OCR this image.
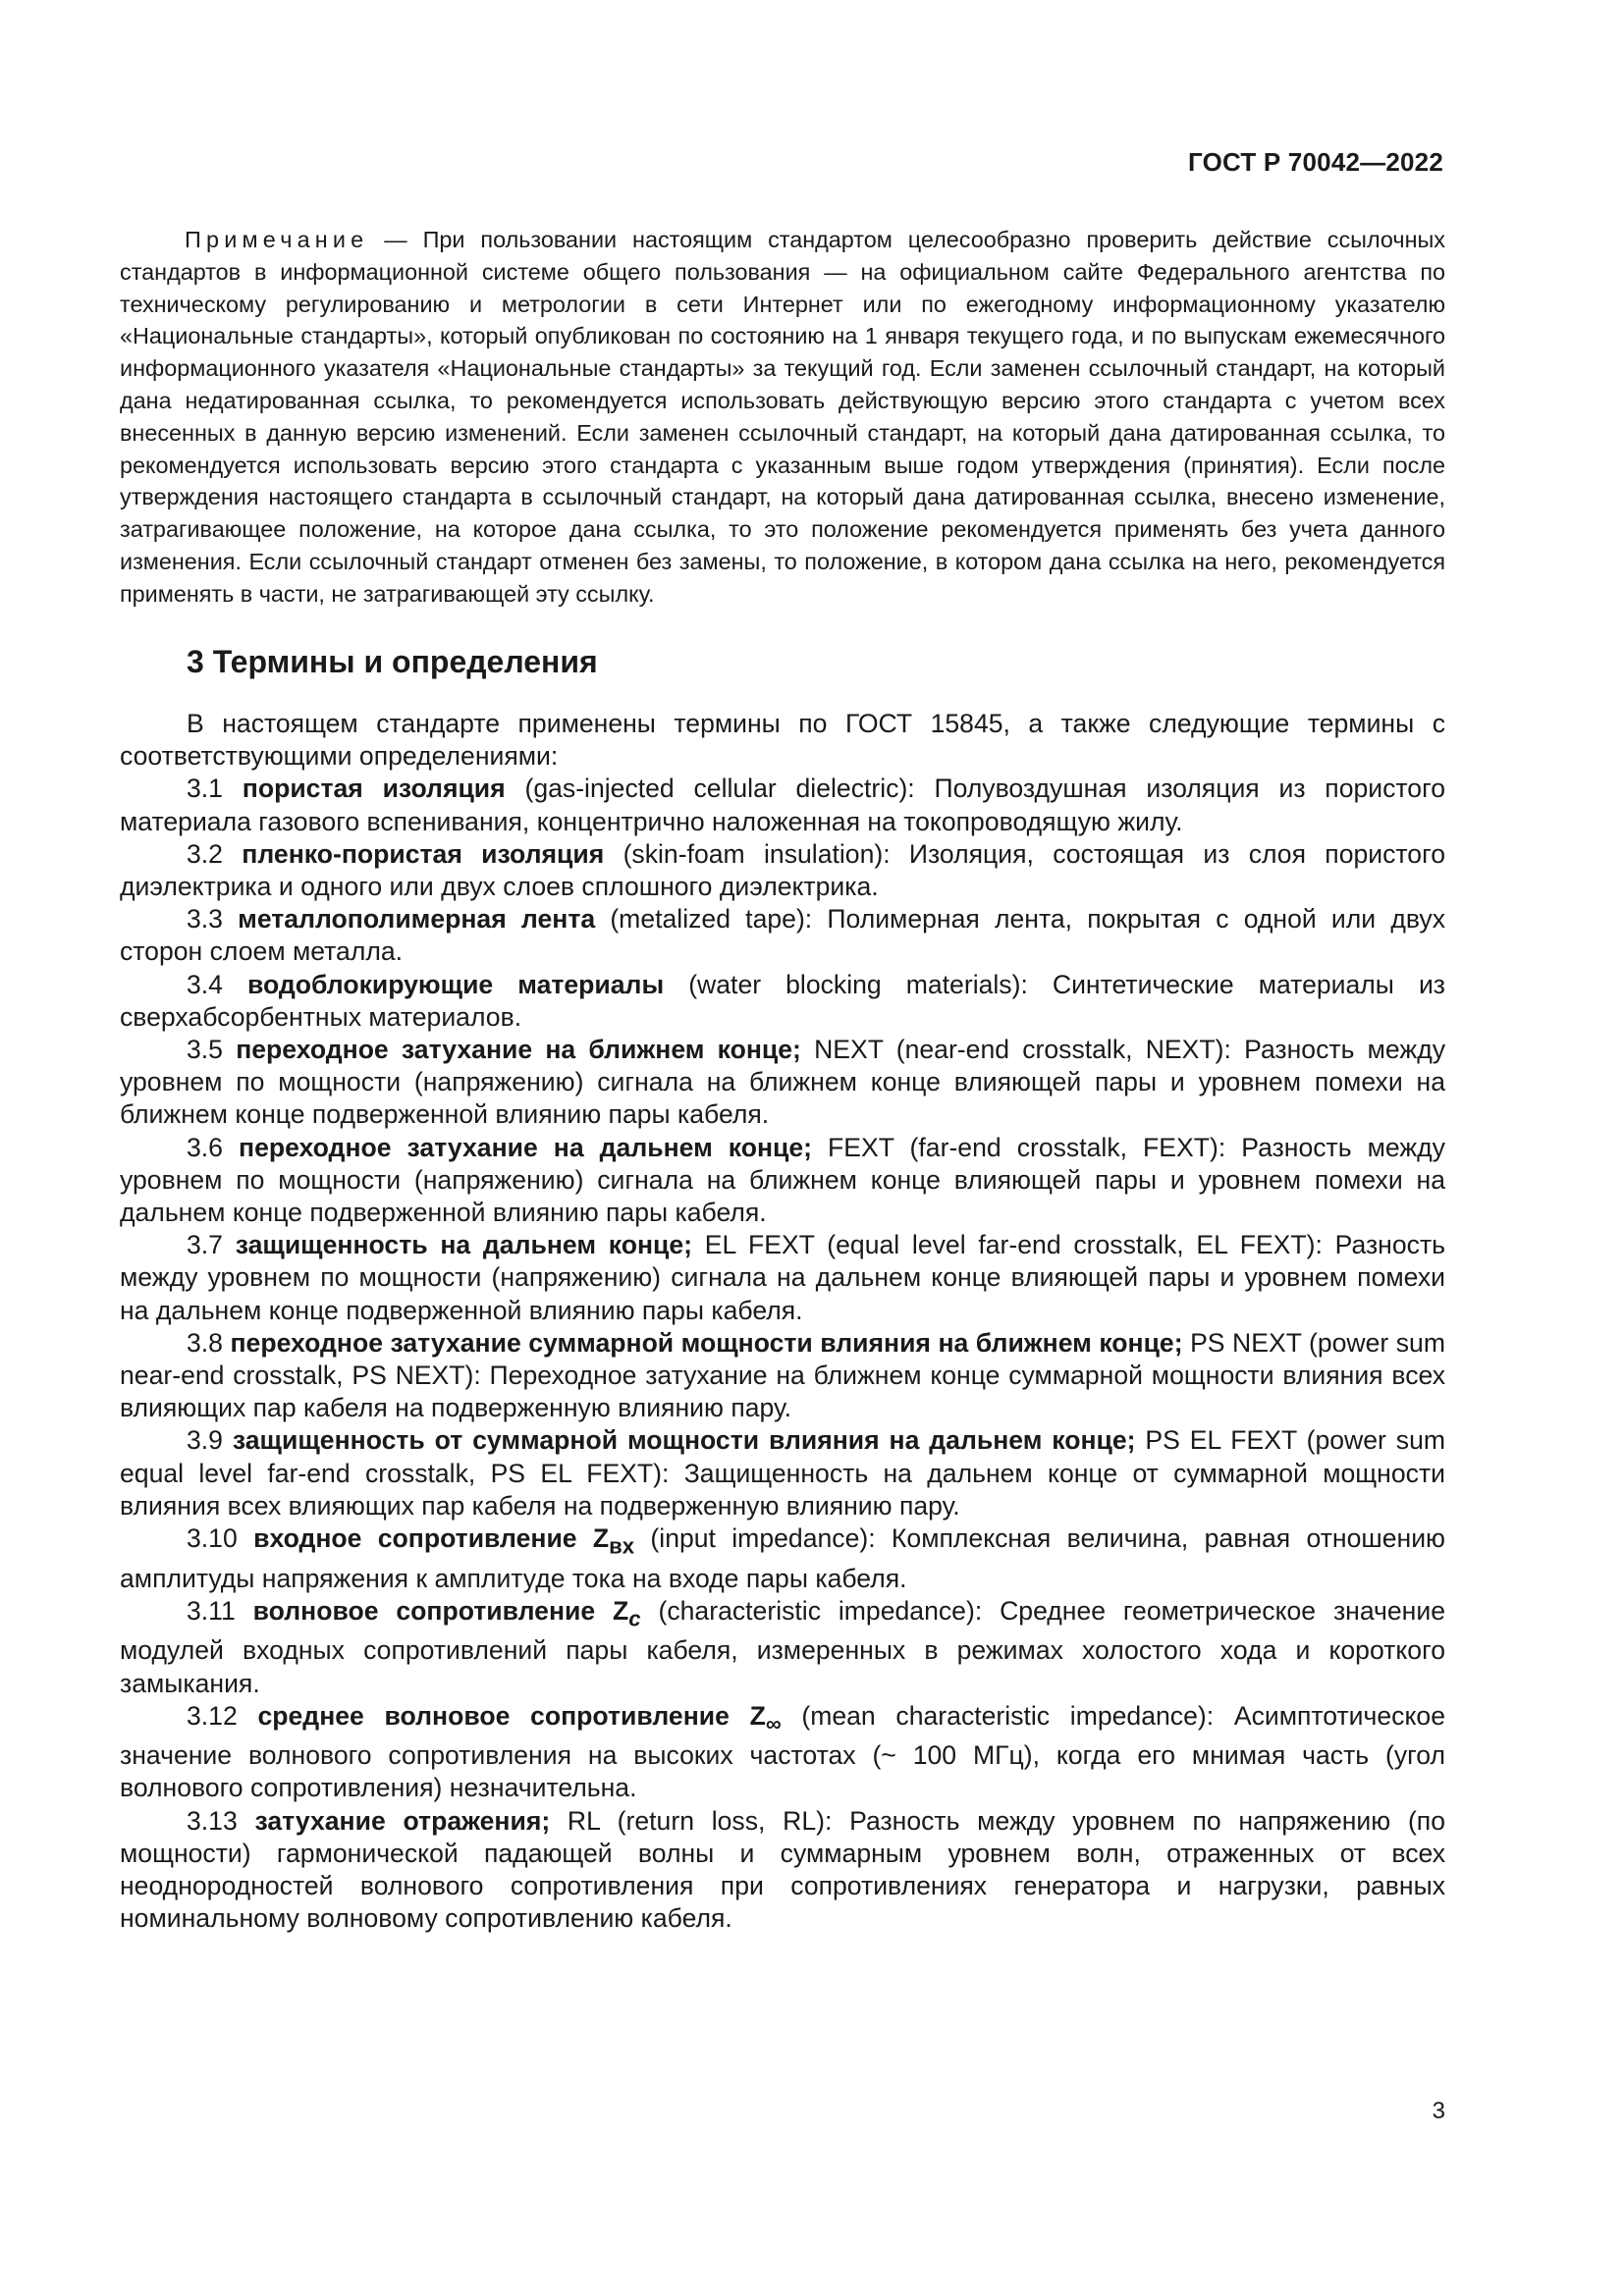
ГОСТ Р 70042—2022

Примечание — При пользовании настоящим стандартом целесообразно проверить действие ссылочных стандартов в информационной системе общего пользования — на официальном сайте Федерального агентства по техническому регулированию и метрологии в сети Интернет или по ежегодному информационному указателю «Национальные стандарты», который опубликован по состоянию на 1 января текущего года, и по выпускам ежемесячного информационного указателя «Национальные стандарты» за текущий год. Если заменен ссылочный стандарт, на который дана недатированная ссылка, то рекомендуется использовать действующую версию этого стандарта с учетом всех внесенных в данную версию изменений. Если заменен ссылочный стандарт, на который дана датированная ссылка, то рекомендуется использовать версию этого стандарта с указанным выше годом утверждения (принятия). Если после утверждения настоящего стандарта в ссылочный стандарт, на который дана датированная ссылка, внесено изменение, затрагивающее положение, на которое дана ссылка, то это положение рекомендуется применять без учета данного изменения. Если ссылочный стандарт отменен без замены, то положение, в котором дана ссылка на него, рекомендуется применять в части, не затрагивающей эту ссылку.

3 Термины и определения

В настоящем стандарте применены термины по ГОСТ 15845, а также следующие термины с соответствующими определениями:

3.1 пористая изоляция (gas-injected cellular dielectric): Полувоздушная изоляция из пористого материала газового вспенивания, концентрично наложенная на токопроводящую жилу.

3.2 пленко-пористая изоляция (skin-foam insulation): Изоляция, состоящая из слоя пористого диэлектрика и одного или двух слоев сплошного диэлектрика.

3.3 металлополимерная лента (metalized tape): Полимерная лента, покрытая с одной или двух сторон слоем металла.

3.4 водоблокирующие материалы (water blocking materials): Синтетические материалы из сверхабсорбентных материалов.

3.5 переходное затухание на ближнем конце; NEXT (near-end crosstalk, NEXT): Разность между уровнем по мощности (напряжению) сигнала на ближнем конце влияющей пары и уровнем помехи на ближнем конце подверженной влиянию пары кабеля.

3.6 переходное затухание на дальнем конце; FEXT (far-end crosstalk, FEXT): Разность между уровнем по мощности (напряжению) сигнала на ближнем конце влияющей пары и уровнем помехи на дальнем конце подверженной влиянию пары кабеля.

3.7 защищенность на дальнем конце; EL FEXT (equal level far-end crosstalk, EL FEXT): Разность между уровнем по мощности (напряжению) сигнала на дальнем конце влияющей пары и уровнем помехи на дальнем конце подверженной влиянию пары кабеля.

3.8 переходное затухание суммарной мощности влияния на ближнем конце; PS NEXT (power sum near-end crosstalk, PS NEXT): Переходное затухание на ближнем конце суммарной мощности влияния всех влияющих пар кабеля на подверженную влиянию пару.

3.9 защищенность от суммарной мощности влияния на дальнем конце; PS EL FEXT (power sum equal level far-end crosstalk, PS EL FEXT): Защищенность на дальнем конце от суммарной мощности влияния всех влияющих пар кабеля на подверженную влиянию пару.

3.10 входное сопротивление $Z_{вх}$ (input impedance): Комплексная величина, равная отношению амплитуды напряжения к амплитуде тока на входе пары кабеля.

3.11 волновое сопротивление $Z_c$ (characteristic impedance): Среднее геометрическое значение модулей входных сопротивлений пары кабеля, измеренных в режимах холостого хода и короткого замыкания.

3.12 среднее волновое сопротивление $Z_\infty$ (mean characteristic impedance): Асимптотическое значение волнового сопротивления на высоких частотах (~ 100 МГц), когда его мнимая часть (угол волнового сопротивления) незначительна.

3.13 затухание отражения; RL (return loss, RL): Разность между уровнем по напряжению (по мощности) гармонической падающей волны и суммарным уровнем волн, отраженных от всех неоднородностей волнового сопротивления при сопротивлениях генератора и нагрузки, равных номинальному волновому сопротивлению кабеля.

3
